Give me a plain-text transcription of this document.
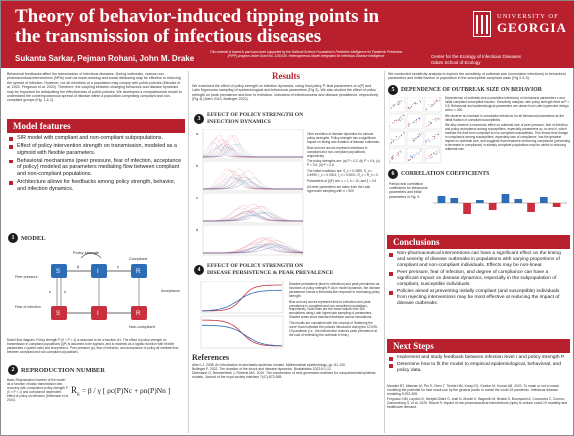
Theory of behavior-induced tipping points in
the transmission of infectious diseases
Sukanta Sarkar, Pejman Rohani, John M. Drake
This material is based in part upon work supported by the National Science Foundation's Predictive Intelligence for Pandemic Prevention (PIPP) program under Grant No. 2200140. Heterogeneous Model Integration for Infectious Disease Intelligence
UNIVERSITY OF
GEORGIA
Center for the Ecology of Infectious Diseases
Odum School of Ecology
Behavioral feedbacks affect the transmission of infectious diseases. During outbreaks, various non-pharmaceutical interventions (NPIs) such as mask-wearing and social distancing may be effective in reducing the spread of infection. However, not all members of a population may comply with public policies (Mendez et al. 2020, Ferguson et al. 2020). Therefore, the coupling between changing behaviors and disease dynamics may be important for anticipating the effectiveness of public policies. We developed a compartmental model to understand the contemporaneous spread of disease within a population comprising compliant and non-compliant groups (Fig. 1 & 2).
Model features
SIR model with compliant and non-compliant subpopulations.
Effect of policy intervention strength on transmission, modeled as a sigmoid with flexible parameters.
Behavioral mechanisms (peer pressure, fear of infection, acceptance of policy) modeled as parameters mediating flow between compliant and non-compliant populations.
Architecture allows for feedbacks among policy strength, behavior, and infection dynamics.
1	MODEL
Policy strength
Peer pressure
Fear of infection
Compliant
Non-compliant
S	I	R
β	γ
S	I	R
Acceptance
c	n
Model flow diagram. Policy strength P (0 < P < 1) is assumed to be a function of t. The effect of policy strength on transmission in compliant populations β(P) is assumed to be sigmoid, and is modeled as a logistic function with flexible parameters c (switch rate) and sharpness d. Peer pressure (p), fear of infection, and acceptance of policy all mediate flow between compliant and non-compliant populations.
2	REPRODUCTION NUMBER
Basic Reproduction Number of the model as a function of basic transmission rate, recovery rate, compliance policy strength P (0 < P < 1) and compliance dependent effect of policy on behavior (Diekmann et al. 2010).
$R_0 = \beta / \gamma$ [ ρc(P)Nc + ρn(P)Nn ]
Results
We examined the effect of policy strength on infection dynamics, using final policy P, final parameters of α(P) and Latin Hypercube sampling of epidemiological and behavioral parameters (Fig 3). We also studied the effect of policy strength on peak prevalence and time to extinction, indicators of infectiousness and disease persistence, respectively (Fig 4) (Allen 2010, Ballinger 2022).
3
EFFECT OF POLICY STRENGTH ON
INFECTION DYNAMICS
a
b
c
d
Time evolution of disease dynamics for various policy strengths. Policy strength has a significant impact on timing and duration of disease outbreaks.
Blue and red curves represent infections in compliant and non-compliant populations, respectively.
The policy strengths are: (a) P = 0.2, (b) P = 0.4, (c) P = 0.6, (d) P = 0.8
The initial conditions are: S_c = 0.4999, S_n = 0.4999, I_c = 0.0001, I_n = 0.0001, R_c = R_n = 0.
Parameters of β(P) are: c = 1, k = 10, and ξ = 0.5
All other parameters are taken from the Latin hypercube sampling with n = 500
4
EFFECT OF POLICY STRENGTH ON
DISEASE PERSISTENCE & PEAK PREVALENCE
Disease persistence (time to extinction) and peak prevalence as functions of policy strength P. As in model dynamics, the disease persistence shows a threshold-like response to increasing policy strength.
Blue and red curves represent time to extinction and peak prevalence in compliant and non-compliant populations, respectively. Solid lines are the mean values over 500 simulations using Latin hypercube sampling of parameters. Shaded areas show standard deviation across simulations.
The results are consistent with the concept of 'flattening the curve' that motivated the policies introduced during the COVID-19 pandemic (i.e., the intervention reduces peak prevalence at the cost of extending the outbreak in time.)
References
Allen LJ. 2008. An introduction to stochastic epidemic models. Mathematical epidemiology, pp. 81-130.
Bullinger P. 2022. The duration of the shock and disease dynamics. Biostatistics 2022;9:1-12.
Diekmann O, Heesterbeek J, Roberts MG. 2010. The construction of next-generation matrices for compartmental epidemic models. Journal of the royal society interface 7(47):873-885.
We conducted sensitivity analysis to explore the sensitivity of outbreak size (cumulative infections) to behavioral parameters and initial fraction of population in the susceptible compliant class (Fig 5 & 6).
5	DEPENDENCE OF OUTBREAK SIZE ON BEHAVIOR
Dependence of outbreak size (cumulative infections) on behavioral parameters ε and initial compliant susceptible fraction. Sensitivity analysis, with policy strength fixed at P = 0.5. Behavioral and epidemiological parameters are drawn from Latin hypercube design with n = 500.
We observe an increase in cumulative infections for all behavioral parameters as the initial fraction of compliant susceptibles.
We also observe a monotonic effect on outbreak size of peer pressure, fear of infection, and policy acceptance among susceptibles, especially parameters εp, εn and εf, which mediate the flow from compliant to non-compliant susceptibles. This shows that change in compliance among susceptibles, especially loss of compliance, has the greatest impact on outbreak size, and suggests that measures reinforcing compliance (preventing a decrease in compliance) in already compliant populations may be useful in reducing outbreak size.
6	CORRELATION COEFFICIENTS
Partial rank correlation coefficients for behavioral parameters and initial parameters in Fig. 5.
Conclusions
Non-pharmaceutical interventions can have a significant effect on the timing and severity of disease outbreaks in populations with varying proportions of compliant and non-compliant individuals. Effects may be non-linear.
Peer pressure, fear of infection, and degree of compliance can have a significant impact on disease dynamics, especially in the subpopulation of compliant, susceptible individuals.
Policies aimed at preventing initially compliant (and susceptible) individuals from rejecting interventions may be most effective at reducing the impact of disease outbreaks.
Next Steps
Implement and study feedback between infection level I and policy strength P.
Determine how to fit the model to empirical epidemiological, behavioral, and policy data.
Mendez BT, Mannan M, Pei S, Chen T, Trinhle HM, Kang SG, Goeker M, Kumar AB. 2020. To mask or not to mask: modeling the potential for face mask use by the general public to curtail the covid-19 pandemic. Infectious disease modeling 5:293-308.
Ferguson NM, Laydon D, Nedjati-Gilani G, Imai N, Ainslie K, Baguelin M, Bhatia S, Boonyasiri A, Cucunubá Z, Cuomo-Dannenburg G, et al. 2020. Report 9: Impact of non-pharmaceutical interventions (npis) to reduce covid-19 mortality and healthcare demand.
